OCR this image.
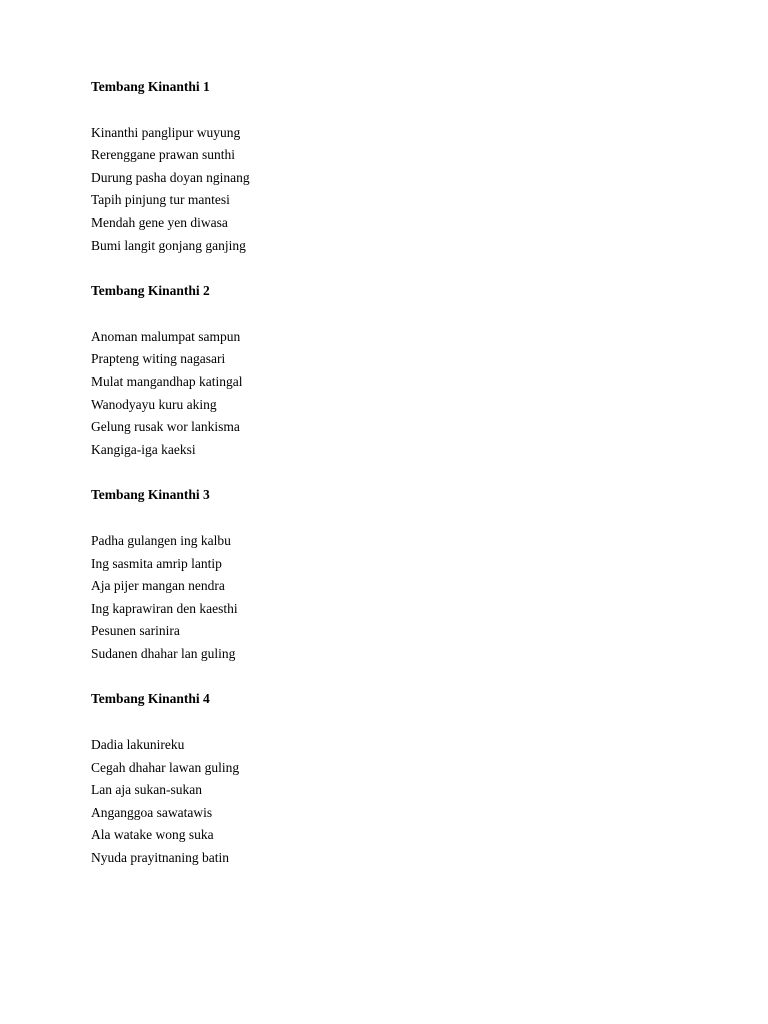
Tembang Kinanthi 1
Kinanthi panglipur wuyung
Rerenggane prawan sunthi
Durung pasha doyan nginang
Tapih pinjung tur mantesi
Mendah gene yen diwasa
Bumi langit gonjang ganjing
Tembang Kinanthi 2
Anoman malumpat sampun
Prapteng witing nagasari
Mulat mangandhap katingal
Wanodyayu kuru aking
Gelung rusak wor lankisma
Kangiga-iga kaeksi
Tembang Kinanthi 3
Padha gulangen ing kalbu
Ing sasmita amrip lantip
Aja pijer mangan nendra
Ing kaprawiran den kaesthi
Pesunen sarinira
Sudanen dhahar lan guling
Tembang Kinanthi 4
Dadia lakunireku
Cegah dhahar lawan guling
Lan aja sukan-sukan
Anganggoa sawatawis
Ala watake wong suka
Nyuda prayitnaning batin
